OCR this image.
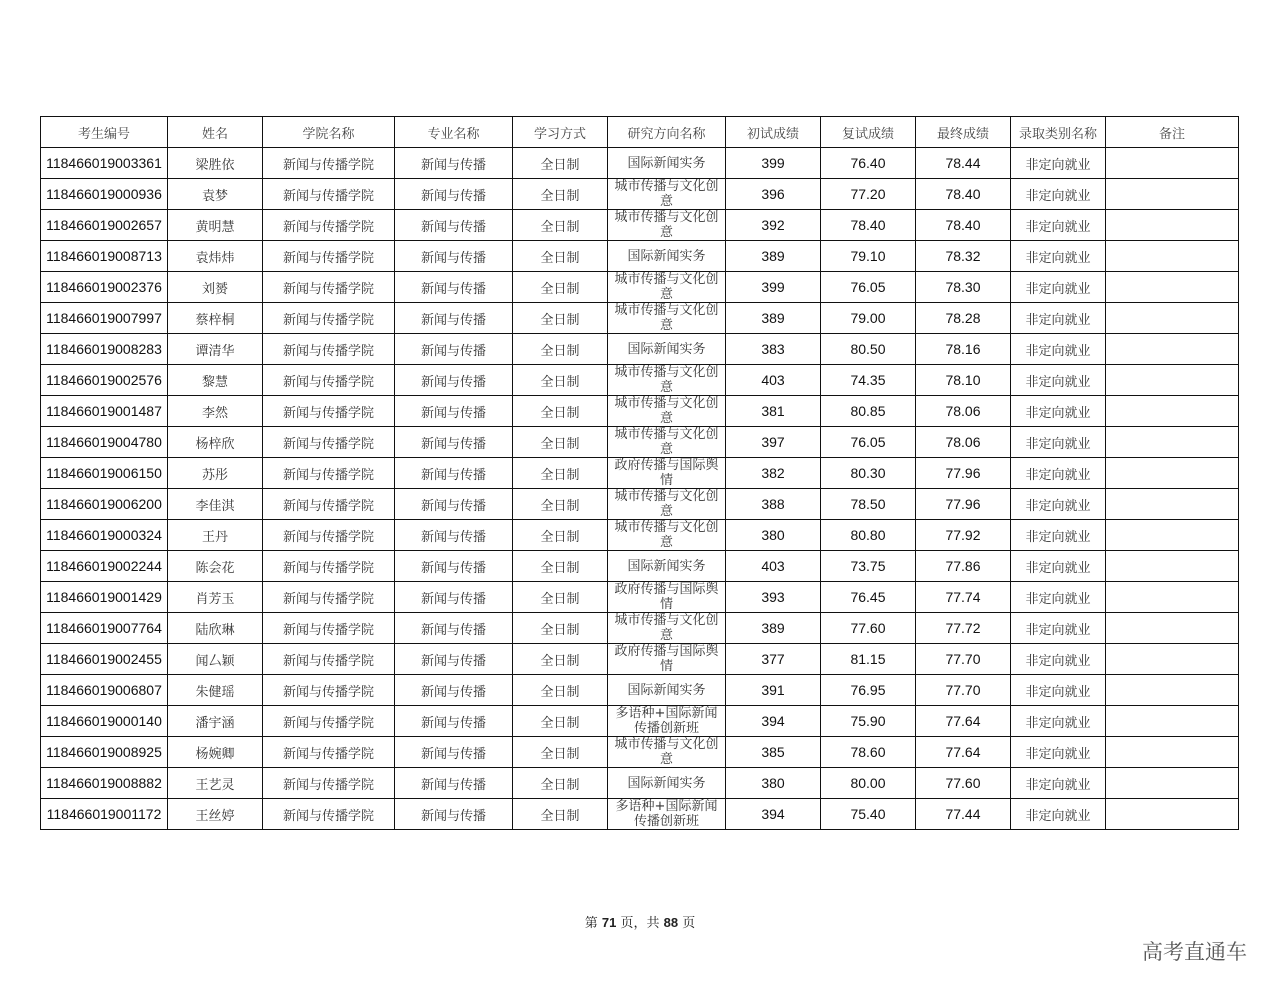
考生编号	姓名	学院名称	专业名称	学习方式	研究方向名称	初试成绩	复试成绩	最终成绩	录取类别名称	备注
118466019003361	梁胜依	新闻与传播学院	新闻与传播	全日制	国际新闻实务	399	76.40	78.44	非定向就业	
118466019000936	袁梦	新闻与传播学院	新闻与传播	全日制	城市传播与文化创意	396	77.20	78.40	非定向就业	
118466019002657	黄明慧	新闻与传播学院	新闻与传播	全日制	城市传播与文化创意	392	78.40	78.40	非定向就业	
118466019008713	袁炜炜	新闻与传播学院	新闻与传播	全日制	国际新闻实务	389	79.10	78.32	非定向就业	
118466019002376	刘赟	新闻与传播学院	新闻与传播	全日制	城市传播与文化创意	399	76.05	78.30	非定向就业	
118466019007997	蔡梓桐	新闻与传播学院	新闻与传播	全日制	城市传播与文化创意	389	79.00	78.28	非定向就业	
118466019008283	谭清华	新闻与传播学院	新闻与传播	全日制	国际新闻实务	383	80.50	78.16	非定向就业	
118466019002576	黎慧	新闻与传播学院	新闻与传播	全日制	城市传播与文化创意	403	74.35	78.10	非定向就业	
118466019001487	李然	新闻与传播学院	新闻与传播	全日制	城市传播与文化创意	381	80.85	78.06	非定向就业	
118466019004780	杨梓欣	新闻与传播学院	新闻与传播	全日制	城市传播与文化创意	397	76.05	78.06	非定向就业	
118466019006150	苏彤	新闻与传播学院	新闻与传播	全日制	政府传播与国际舆情	382	80.30	77.96	非定向就业	
118466019006200	李佳淇	新闻与传播学院	新闻与传播	全日制	城市传播与文化创意	388	78.50	77.96	非定向就业	
118466019000324	王丹	新闻与传播学院	新闻与传播	全日制	城市传播与文化创意	380	80.80	77.92	非定向就业	
118466019002244	陈会花	新闻与传播学院	新闻与传播	全日制	国际新闻实务	403	73.75	77.86	非定向就业	
118466019001429	肖芳玉	新闻与传播学院	新闻与传播	全日制	政府传播与国际舆情	393	76.45	77.74	非定向就业	
118466019007764	陆欣琳	新闻与传播学院	新闻与传播	全日制	城市传播与文化创意	389	77.60	77.72	非定向就业	
118466019002455	闻厶颖	新闻与传播学院	新闻与传播	全日制	政府传播与国际舆情	377	81.15	77.70	非定向就业	
118466019006807	朱健瑶	新闻与传播学院	新闻与传播	全日制	国际新闻实务	391	76.95	77.70	非定向就业	
118466019000140	潘宇涵	新闻与传播学院	新闻与传播	全日制	多语种+国际新闻传播创新班	394	75.90	77.64	非定向就业	
118466019008925	杨婉卿	新闻与传播学院	新闻与传播	全日制	城市传播与文化创意	385	78.60	77.64	非定向就业	
118466019008882	王艺灵	新闻与传播学院	新闻与传播	全日制	国际新闻实务	380	80.00	77.60	非定向就业	
118466019001172	王丝婷	新闻与传播学院	新闻与传播	全日制	多语种+国际新闻传播创新班	394	75.40	77.44	非定向就业	
第 71 页，共 88 页
高考直通车
